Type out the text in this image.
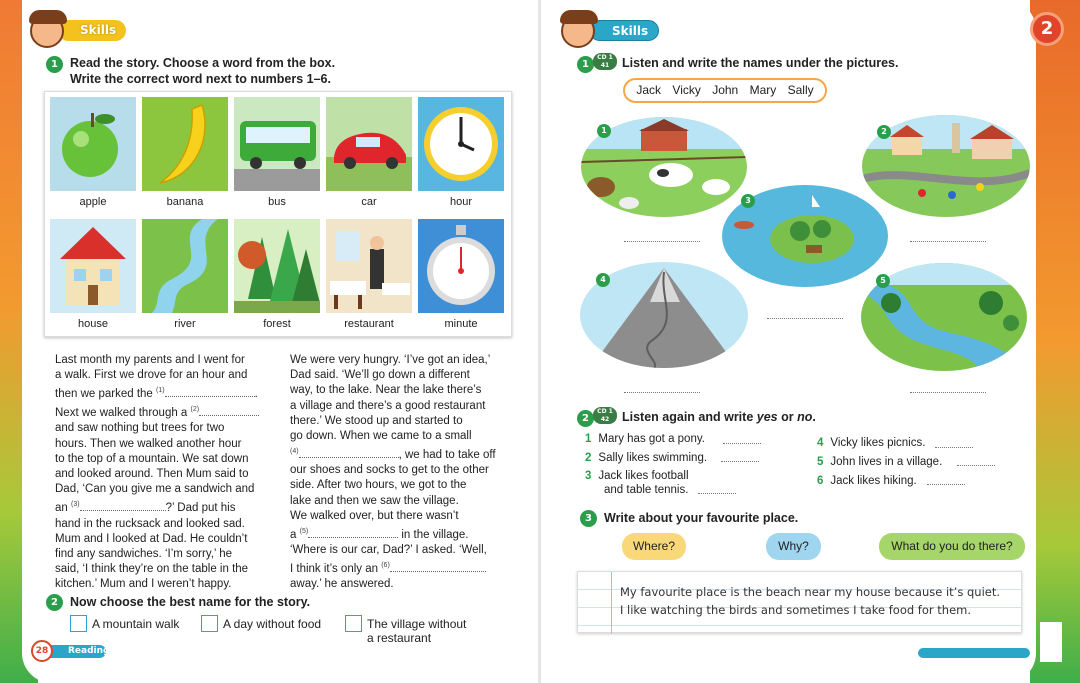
Skills
1 Read the story. Choose a word from the box.
Write the correct word next to numbers 1–6.
apple	banana	bus	car	hour
house	river	forest	restaurant	minute
Last month my parents and I went for
a walk. First we drove for an hour and
then we parked the $^{(1)}$	.
Next we walked through a $^{(2)}$
and saw nothing but trees for two
hours. Then we walked another hour
to the top of a mountain. We sat down
and looked around. Then Mum said to
Dad, ‘Can you give me a sandwich and
an $^{(3)}$	?’ Dad put his
hand in the rucksack and looked sad.
Mum and I looked at Dad. He couldn’t
find any sandwiches. ‘I’m sorry,’ he
said, ‘I think they’re on the table in the
kitchen.’ Mum and I weren’t happy.
We were very hungry. ‘I’ve got an idea,’
Dad said. ‘We’ll go down a different
way, to the lake. Near the lake there’s
a village and there’s a good restaurant
there.’ We stood up and started to
go down. When we came to a small
$^{(4)}$	, we had to take off
our shoes and socks to get to the other
side. After two hours, we got to the
lake and then we saw the village.
We walked over, but there wasn’t
a $^{(5)}$	in the village.
‘Where is our car, Dad?’ I asked. ‘Well,
I think it’s only an $^{(6)}$
away.’ he answered.
2 Now choose the best name for the story.
A mountain walk	A day without food	The village without
a restaurant
Reading
28
Skills	2
1
CD 1
41	Listen and write the names under the pictures.
Jack Vicky John Mary Sally
1	2
3
4	5
2
CD 1
42	Listen again and write yes or no.
1 Mary has got a pony.
2 Sally likes swimming.
3 Jack likes football
and table tennis.
4 Vicky likes picnics.
5 John lives in a village.
6 Jack likes hiking.
3 Write about your favourite place.
Where?	Why?	What do you do there?
My favourite place is the beach near my house because it’s quiet.
I like watching the birds and sometimes I take food for them.
